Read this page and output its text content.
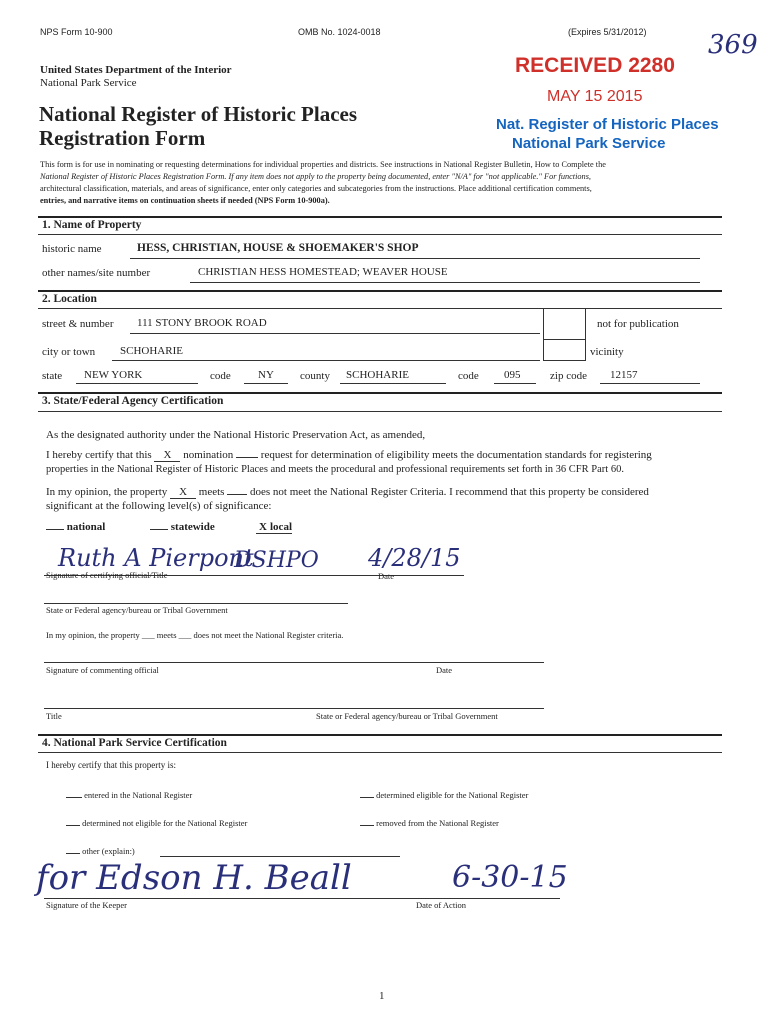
NPS Form 10-900	OMB No. 1024-0018	(Expires 5/31/2012) 369
RECEIVED 2280
MAY 15 2015
Nat. Register of Historic Places
National Park Service
United States Department of the Interior
National Park Service
National Register of Historic Places
Registration Form
This form is for use in nominating or requesting determinations for individual properties and districts. See instructions in National Register Bulletin, How to Complete the
National Register of Historic Places Registration Form. If any item does not apply to the property being documented, enter "N/A" for "not applicable." For functions,
architectural classification, materials, and areas of significance, enter only categories and subcategories from the instructions. Place additional certification comments,
entries, and narrative items on continuation sheets if needed (NPS Form 10-900a).
1. Name of Property
historic name	HESS, CHRISTIAN, HOUSE & SHOEMAKER'S SHOP
other names/site number	CHRISTIAN HESS HOMESTEAD; WEAVER HOUSE
2. Location
street & number 111 STONY BROOK ROAD	not for publication
city or town SCHOHARIE	vicinity
state NEW YORK	code NY county SCHOHARIE	code 095	zip code 12157
3. State/Federal Agency Certification
As the designated authority under the National Historic Preservation Act, as amended,
I hereby certify that this X nomination	request for determination of eligibility meets the documentation standards for registering
properties in the National Register of Historic Places and meets the procedural and professional requirements set forth in 36 CFR Part 60.
In my opinion, the property X meets does not meet the National Register Criteria. I recommend that this property be considered
significant at the following level(s) of significance:
national	statewide	X local
Ruth A Pierpont
DSHPO 4/28/15
Signature of certifying official/Title	Date
State or Federal agency/bureau or Tribal Government
In my opinion, the property ___ meets ___ does not meet the National Register criteria.
Signature of commenting official	Date
Title	State or Federal agency/bureau or Tribal Government
4. National Park Service Certification
I hereby certify that this property is:
entered in the National Register	determined eligible for the National Register
determined not eligible for the National Register	removed from the National Register
other (explain:)
for Edson H. Beall	6-30-15
Signature of the Keeper	Date of Action
1
